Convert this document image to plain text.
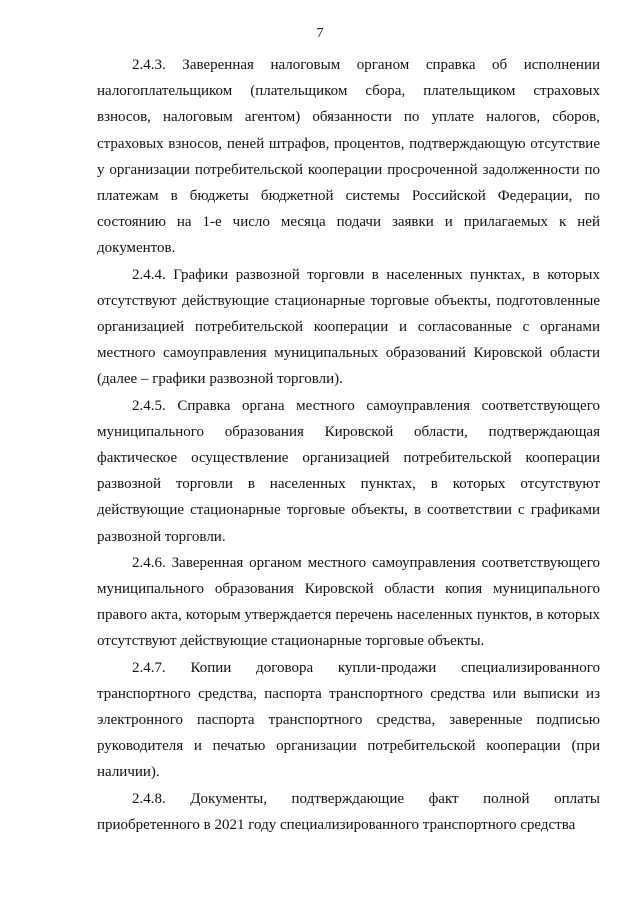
7

2.4.3. Заверенная налоговым органом справка об исполнении налогоплательщиком (плательщиком сбора, плательщиком страховых взносов, налоговым агентом) обязанности по уплате налогов, сборов, страховых взносов, пеней штрафов, процентов, подтверждающую отсутствие у организации потребительской кооперации просроченной задолженности по платежам в бюджеты бюджетной системы Российской Федерации, по состоянию на 1-е число месяца подачи заявки и прилагаемых к ней документов.

2.4.4. Графики развозной торговли в населенных пунктах, в которых отсутствуют действующие стационарные торговые объекты, подготовленные организацией потребительской кооперации и согласованные с органами местного самоуправления муниципальных образований Кировской области (далее – графики развозной торговли).

2.4.5. Справка органа местного самоуправления соответствующего муниципального образования Кировской области, подтверждающая фактическое осуществление организацией потребительской кооперации развозной торговли в населенных пунктах, в которых отсутствуют действующие стационарные торговые объекты, в соответствии с графиками развозной торговли.

2.4.6. Заверенная органом местного самоуправления соответствующего муниципального образования Кировской области копия муниципального правого акта, которым утверждается перечень населенных пунктов, в которых отсутствуют действующие стационарные торговые объекты.

2.4.7. Копии договора купли-продажи специализированного транспортного средства, паспорта транспортного средства или выписки из электронного паспорта транспортного средства, заверенные подписью руководителя и печатью организации потребительской кооперации (при наличии).

2.4.8. Документы, подтверждающие факт полной оплаты приобретенного в 2021 году специализированного транспортного средства
